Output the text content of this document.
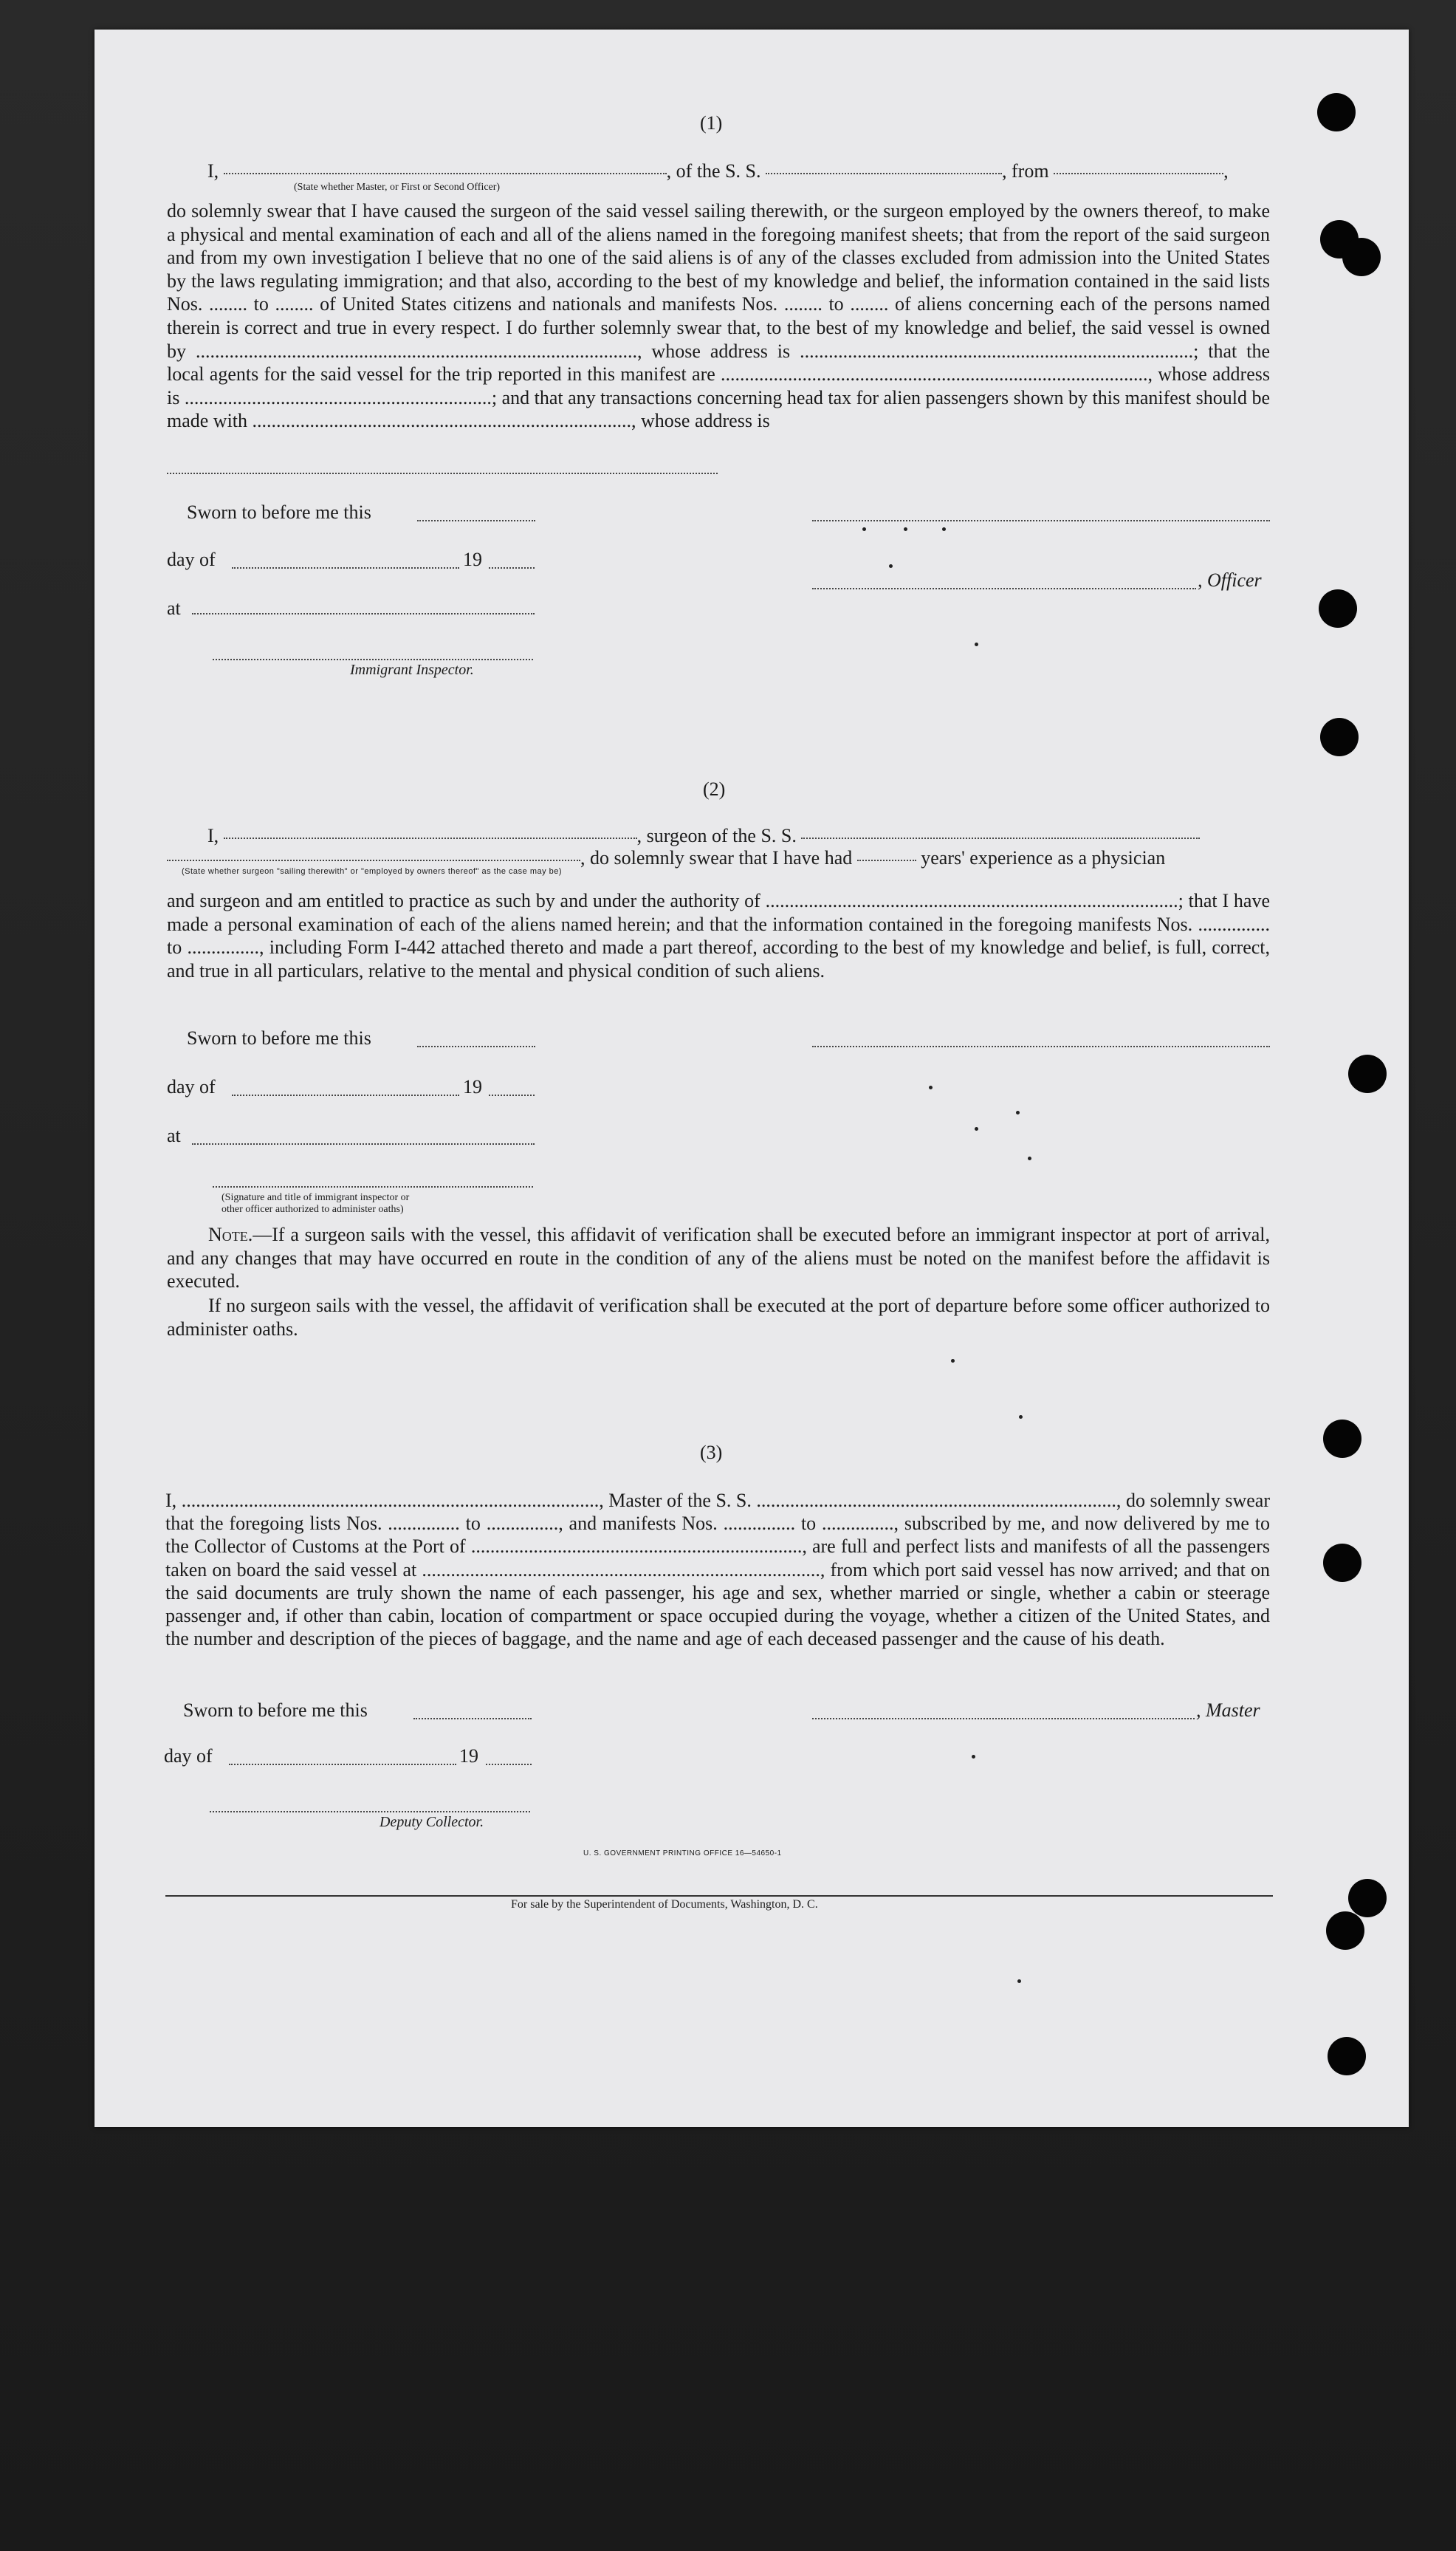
(1)
I,	, of the S. S.	, from	,
(State whether Master, or First or Second Officer)
do solemnly swear that I have caused the surgeon of the said vessel sailing therewith, or the surgeon employed by the owners thereof, to make a physical and mental examination of each and all of the aliens named in the foregoing manifest sheets; that from the report of the said surgeon and from my own investigation I believe that no one of the said aliens is of any of the classes excluded from admission into the United States by the laws regulating immigration; and that also, according to the best of my knowledge and belief, the information contained in the said lists Nos. ........ to ........ of United States citizens and nationals and manifests Nos. ........ to ........ of aliens concerning each of the persons named therein is correct and true in every respect. I do further solemnly swear that, to the best of my knowledge and belief, the said vessel is owned by ............................................................................................, whose address is ..................................................................................; that the local agents for the said vessel for the trip reported in this manifest are ........................................................................................., whose address is ................................................................; and that any transactions concerning head tax for alien passengers shown by this manifest should be made with ..............................................................................., whose address is
Sworn to before me this
day of	19
, Officer
at
Immigrant Inspector.
(2)
I,	, surgeon of the S. S.
, do solemnly swear that I have had	years' experience as a physician
(State whether surgeon "sailing therewith" or "employed by owners thereof" as the case may be)
and surgeon and am entitled to practice as such by and under the authority of ......................................................................................; that I have made a personal examination of each of the aliens named herein; and that the information contained in the foregoing manifests Nos. ............... to ..............., including Form I-442 attached thereto and made a part thereof, according to the best of my knowledge and belief, is full, correct, and true in all particulars, relative to the mental and physical condition of such aliens.
Sworn to before me this
day of	19
at
(Signature and title of immigrant inspector or
other officer authorized to administer oaths)
Note.—If a surgeon sails with the vessel, this affidavit of verification shall be executed before an immigrant inspector at port of arrival, and any changes that may have occurred en route in the condition of any of the aliens must be noted on the manifest before the affidavit is executed.
If no surgeon sails with the vessel, the affidavit of verification shall be executed at the port of departure before some officer authorized to administer oaths.
(3)
I, ......................................................................................., Master of the S. S. ..........................................................................., do solemnly swear that the foregoing lists Nos. ............... to ..............., and manifests Nos. ............... to ..............., subscribed by me, and now delivered by me to the Collector of Customs at the Port of ....................................................................., are full and perfect lists and manifests of all the passengers taken on board the said vessel at ..................................................................................., from which port said vessel has now arrived; and that on the said documents are truly shown the name of each passenger, his age and sex, whether married or single, whether a cabin or steerage passenger and, if other than cabin, location of compartment or space occupied during the voyage, whether a citizen of the United States, and the number and description of the pieces of baggage, and the name and age of each deceased passenger and the cause of his death.
Sworn to before me this	, Master
day of	19
Deputy Collector.
U. S. GOVERNMENT PRINTING OFFICE 16—54650-1
For sale by the Superintendent of Documents, Washington, D. C.
